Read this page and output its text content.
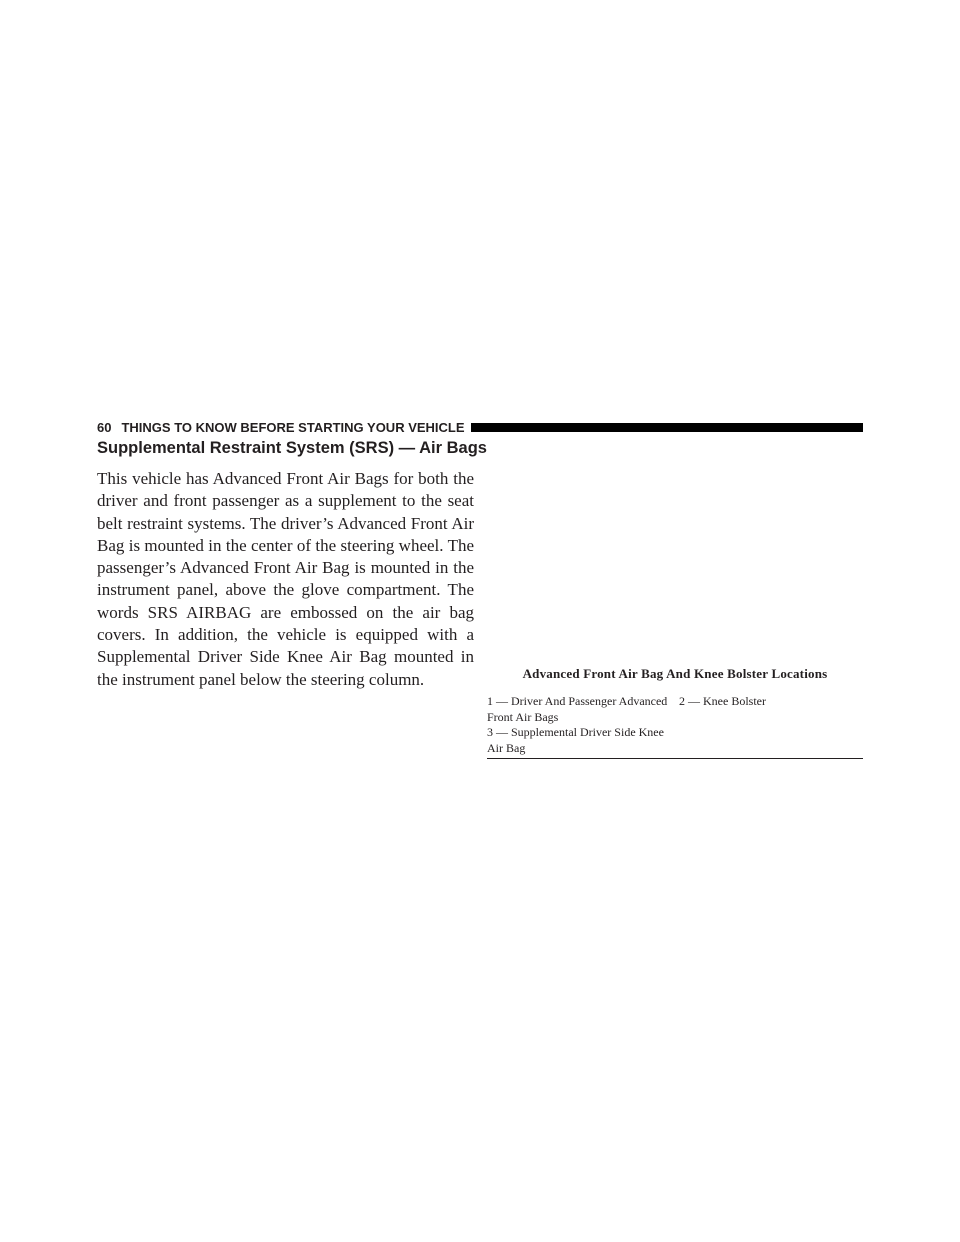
60 THINGS TO KNOW BEFORE STARTING YOUR VEHICLE
Supplemental Restraint System (SRS) — Air Bags

This vehicle has Advanced Front Air Bags for both the driver and front passenger as a supplement to the seat belt restraint systems. The driver’s Advanced Front Air Bag is mounted in the center of the steering wheel. The passenger’s Advanced Front Air Bag is mounted in the instrument panel, above the glove compartment. The words SRS AIRBAG are embossed on the air bag covers. In addition, the vehicle is equipped with a Supplemental Driver Side Knee Air Bag mounted in the instrument panel below the steering column.	Advanced Front Air Bag And Knee Bolster Locations

1 — Driver And Passenger Advanced Front Air Bags
3 — Supplemental Driver Side Knee Air Bag
2 — Knee Bolster
